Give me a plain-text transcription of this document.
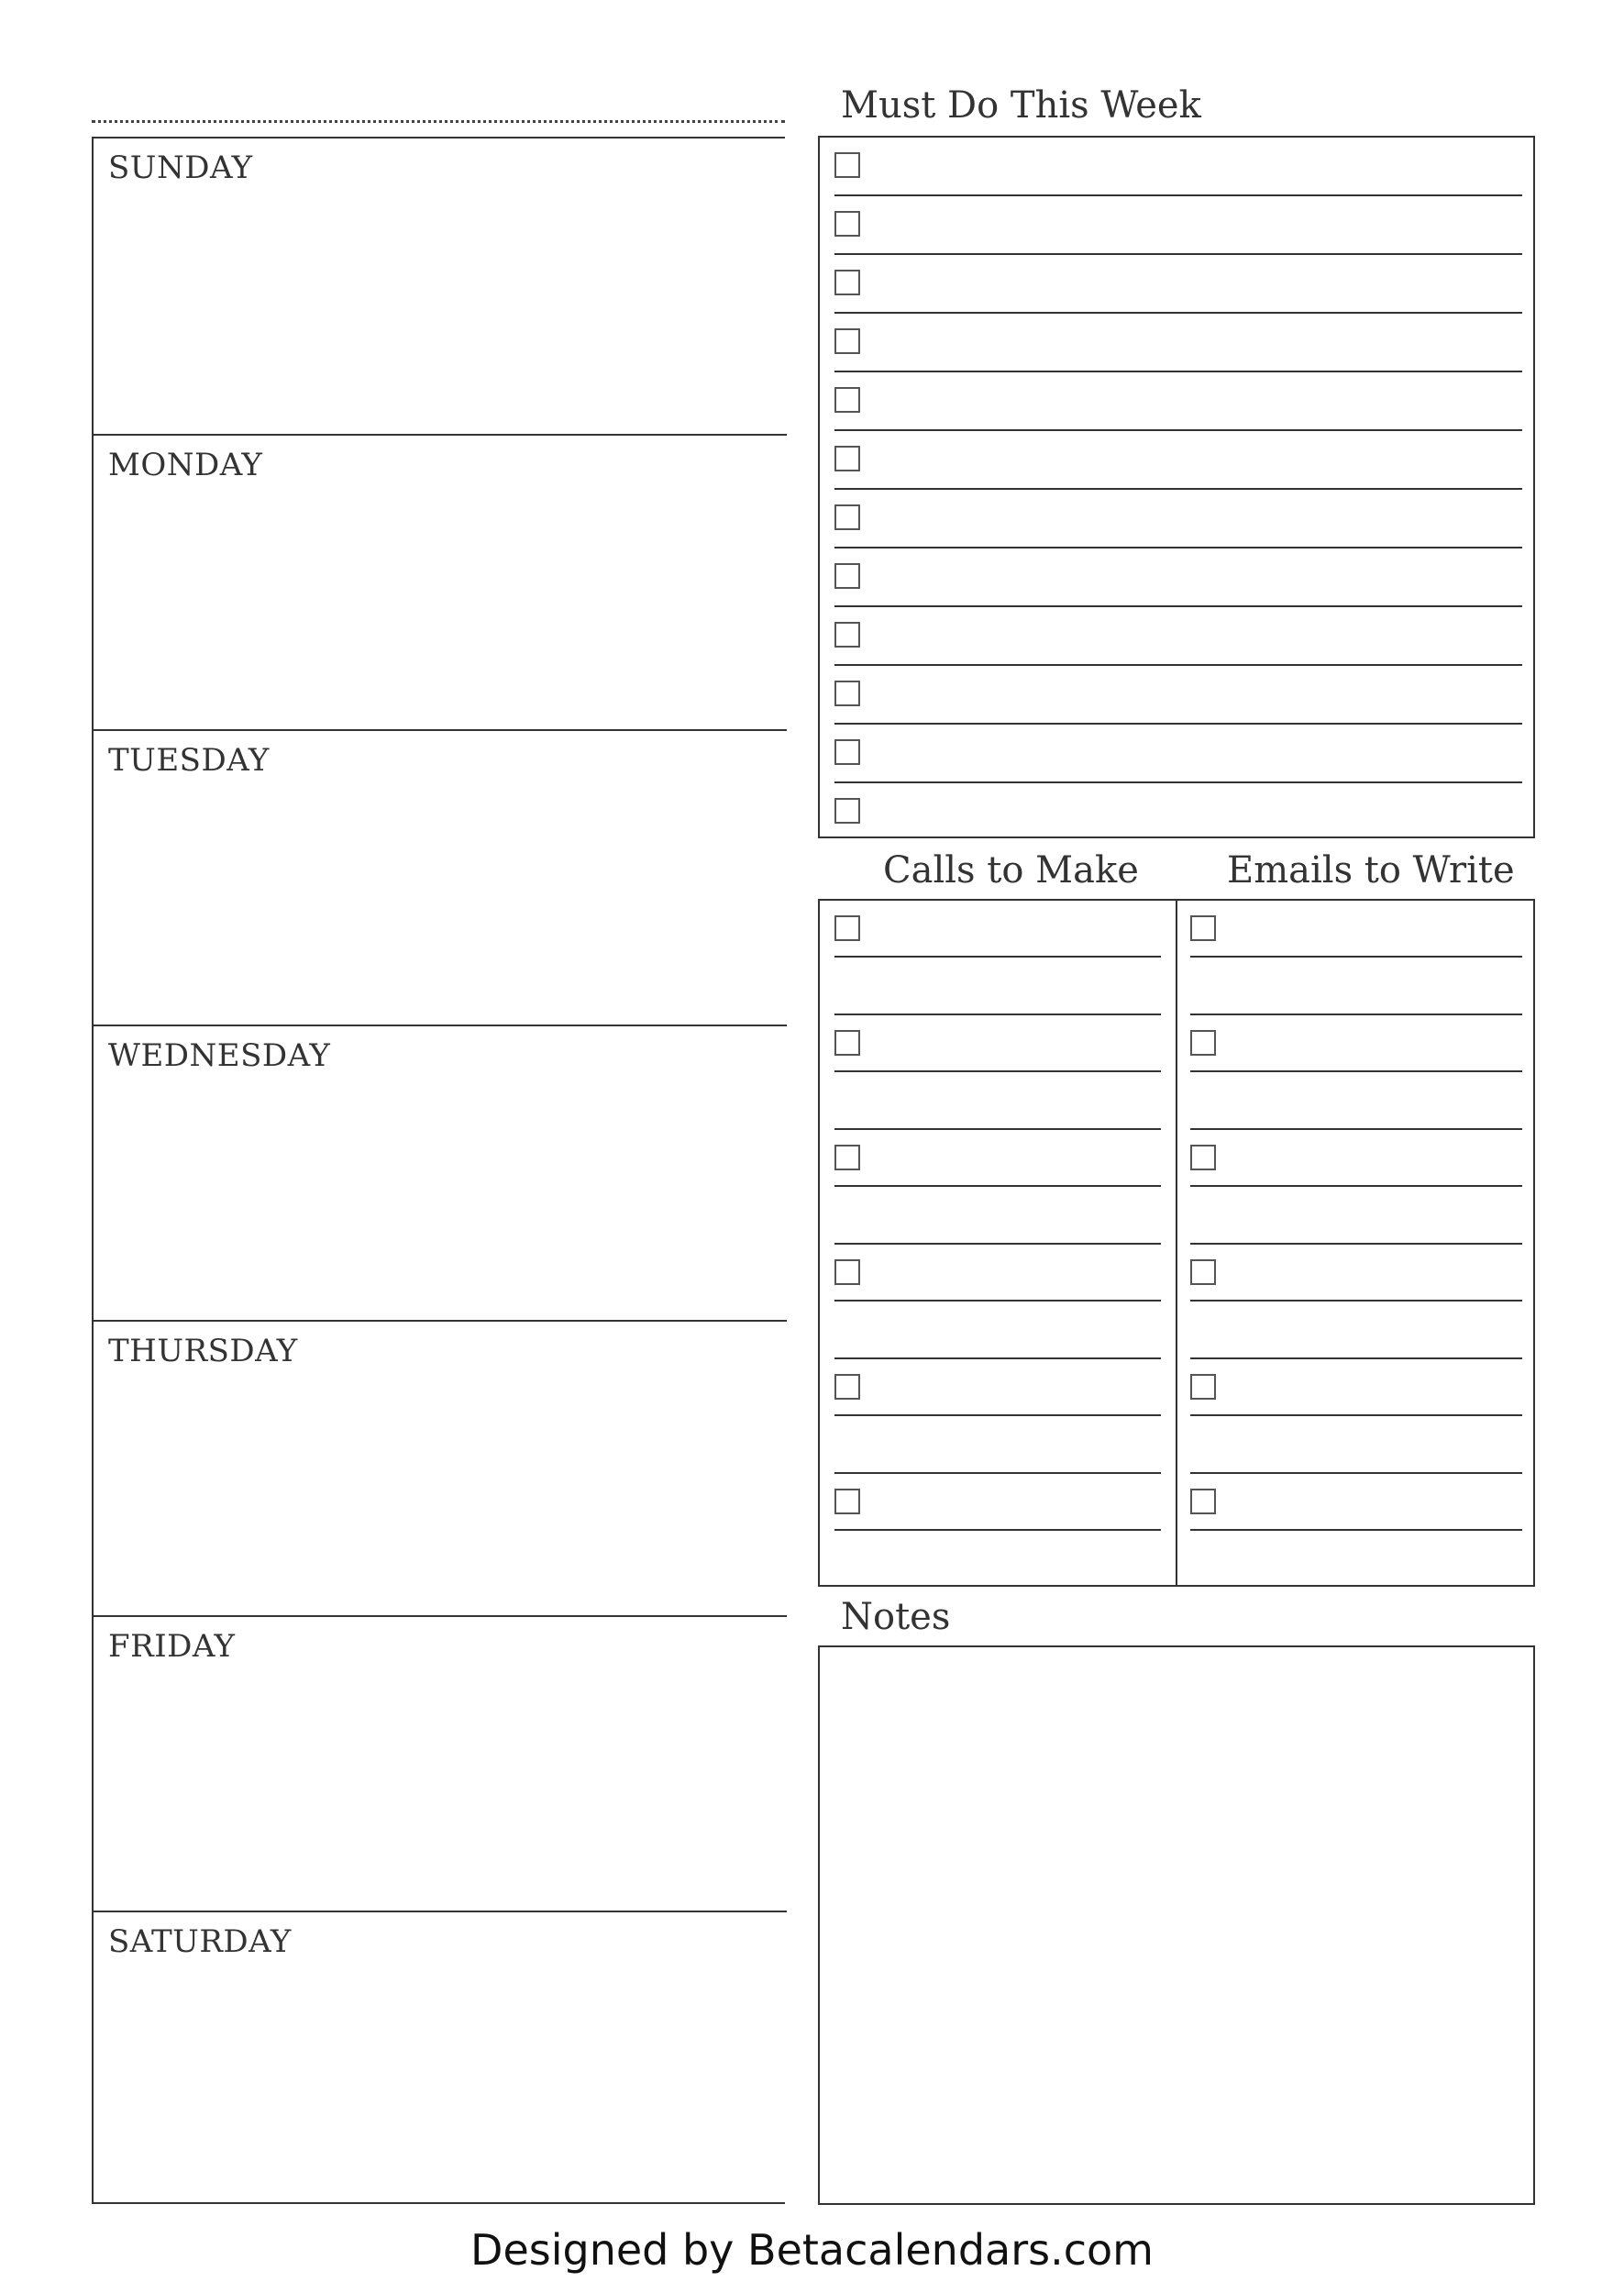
SUNDAY
MONDAY
TUESDAY
WEDNESDAY
THURSDAY
FRIDAY
SATURDAY
Must Do This Week
Calls to Make Emails to Write
Notes
Designed by Betacalendars.com
